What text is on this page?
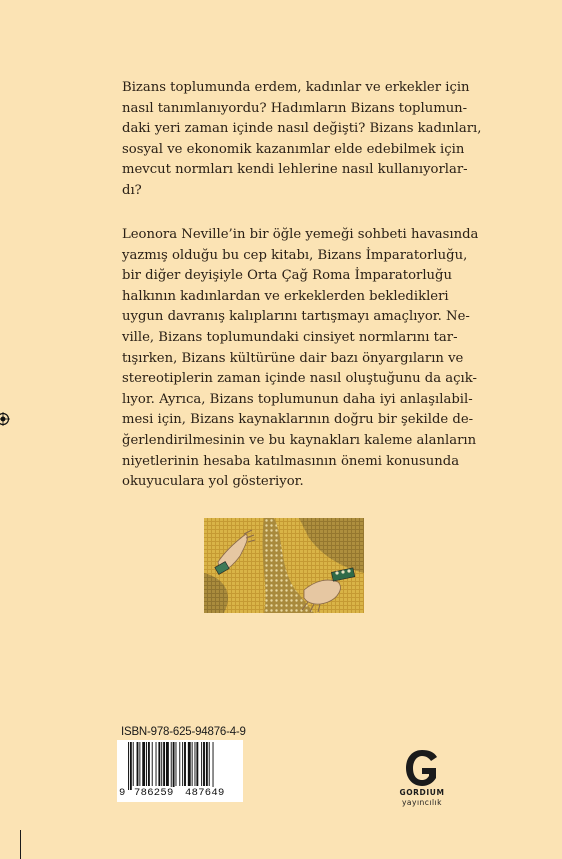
Bizans toplumunda erdem, kadınlar ve erkekler için
nasıl tanımlanıyordu? Hadımların Bizans toplumun-
daki yeri zaman içinde nasıl değişti? Bizans kadınları,
sosyal ve ekonomik kazanımlar elde edebilmek için
mevcut normları kendi lehlerine nasıl kullanıyorlar-
dı?
Leonora Neville’in bir öğle yemeği sohbeti havasında
yazmış olduğu bu cep kitabı, Bizans İmparatorluğu,
bir diğer deyişiyle Orta Çağ Roma İmparatorluğu
halkının kadınlardan ve erkeklerden bekledikleri
uygun davranış kalıplarını tartışmayı amaçlıyor. Ne-
ville, Bizans toplumundaki cinsiyet normlarını tar-
tışırken, Bizans kültürüne dair bazı önyargıların ve
stereotiplerin zaman içinde nasıl oluştuğunu da açık-
lıyor. Ayrıca, Bizans toplumunun daha iyi anlaşılabil-
mesi için, Bizans kaynaklarının doğru bir şekilde de-
ğerlendirilmesinin ve bu kaynakları kaleme alanların
niyetlerinin hesaba katılmasının önemi konusunda
okuyuculara yol gösteriyor.
ISBN-978-625-94876-4-9
9 786259 487649	GORDIUM
yayıncılık
